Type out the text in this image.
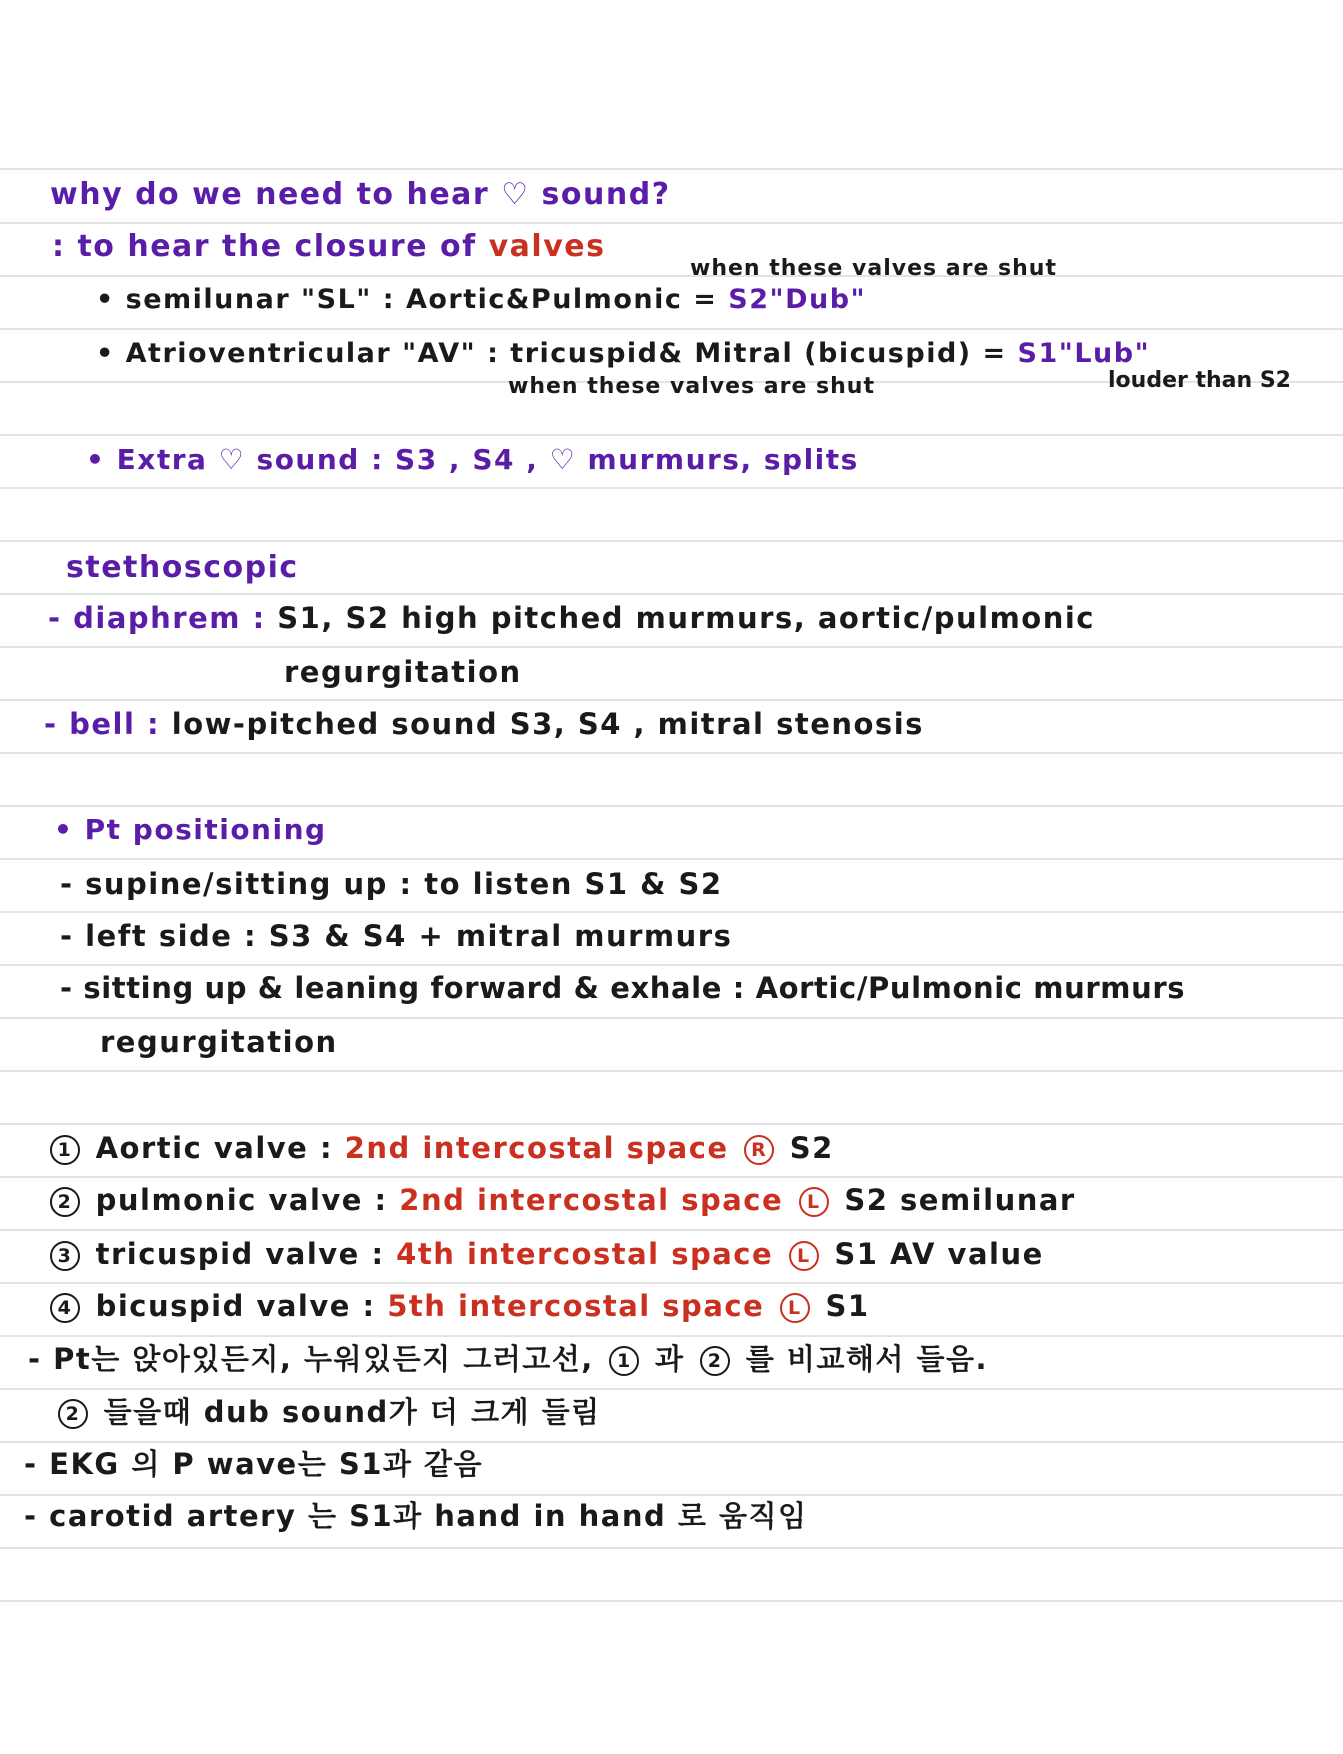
why do we need to hear ♡ sound?
: to hear the closure of valves
when these valves are shut
• semilunar "SL" : Aortic&Pulmonic = S2"Dub"
• Atrioventricular "AV" : tricuspid& Mitral (bicuspid) = S1"Lub"
when these valves are shut	louder than S2
• Extra ♡ sound : S3 , S4 , ♡ murmurs, splits
stethoscopic
- diaphrem : S1, S2 high pitched murmurs, aortic/pulmonic
regurgitation
- bell : low-pitched sound S3, S4 , mitral stenosis
• Pt positioning
- supine/sitting up : to listen S1 & S2
- left side : S3 & S4 + mitral murmurs
- sitting up & leaning forward & exhale : Aortic/Pulmonic murmurs
regurgitation
1 Aortic valve : 2nd intercostal space R S2
2 pulmonic valve : 2nd intercostal space L S2 semilunar
3 tricuspid valve : 4th intercostal space L S1 AV value
4 bicuspid valve : 5th intercostal space L S1
- Pt는 앉아있든지, 누워있든지 그러고선, 1 과 2 를 비교해서 들음.
2 들을때 dub sound가 더 크게 들림
- EKG 의 P wave는 S1과 같음
- carotid artery 는 S1과 hand in hand 로 움직임
